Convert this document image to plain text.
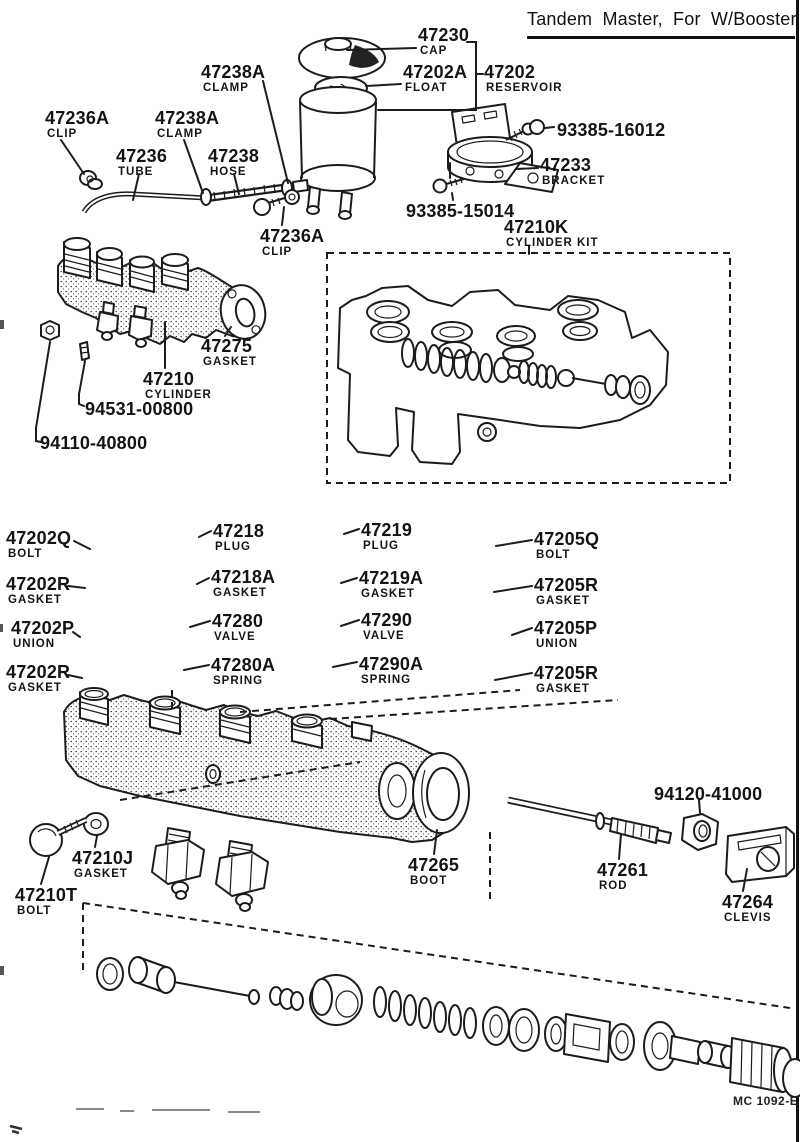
Tandem Master, For W/Booster
47230
CAP
47202A
FLOAT
47202
RESERVOIR
47238A
CLAMP
47236A
CLIP
47238A
CLAMP
47236
TUBE
47238
HOSE
93385-16012
47233
BRACKET
93385-15014
47210K
CYLINDER KIT
47236A
CLIP
47275
GASKET
47210
CYLINDER
94531-00800
94110-40800
47202Q
BOLT
47218
PLUG
47219
PLUG	47205Q
BOLT
47202R
GASKET
47218A
GASKET
47219A
GASKET	47205R
GASKET
47202P
UNION
47280
VALVE
47290
VALVE	47205P
UNION
47202R
GASKET
47280A
SPRING
47290A
SPRING	47205R
GASKET
94120-41000
47261
ROD
47264
CLEVIS
47265
BOOT
47210J
GASKET
47210T
BOLT
MC 1092-E
